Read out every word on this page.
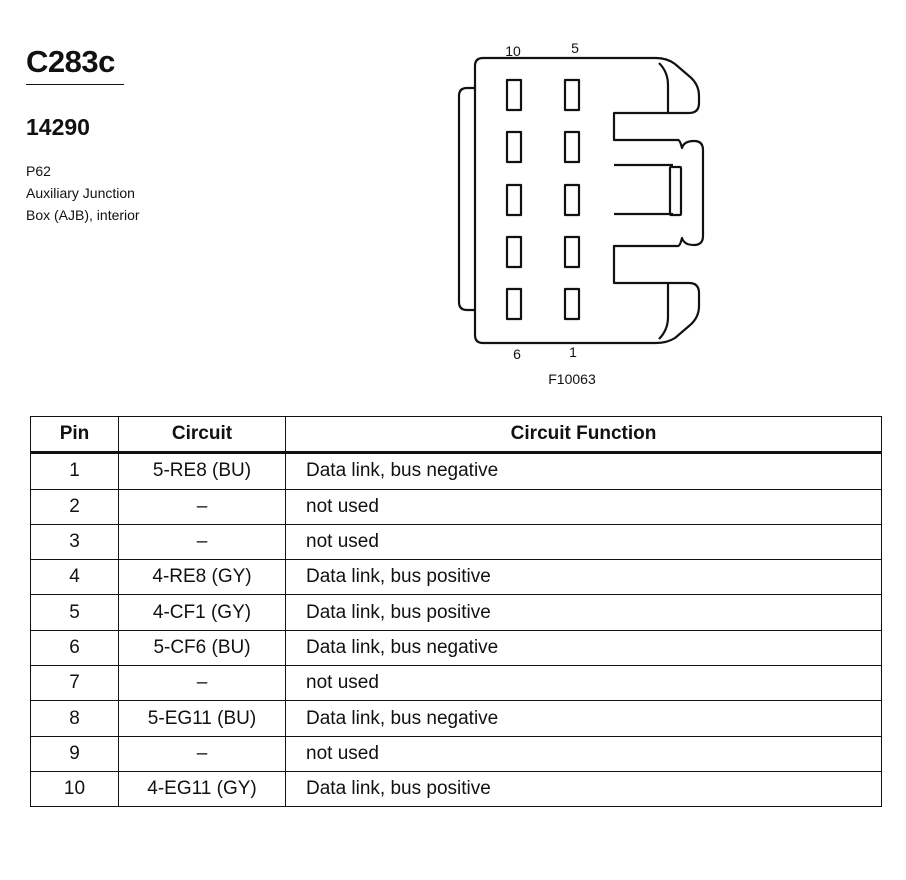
C283c
14290
P62
Auxiliary Junction
Box (AJB), interior
10	5
6	1
F10063
Pin	Circuit	Circuit Function
1	5-RE8 (BU)	Data link, bus negative
2	–	not used
3	–	not used
4	4-RE8 (GY)	Data link, bus positive
5	4-CF1 (GY)	Data link, bus positive
6	5-CF6 (BU)	Data link, bus negative
7	–	not used
8	5-EG11 (BU)	Data link, bus negative
9	–	not used
10	4-EG11 (GY)	Data link, bus positive
